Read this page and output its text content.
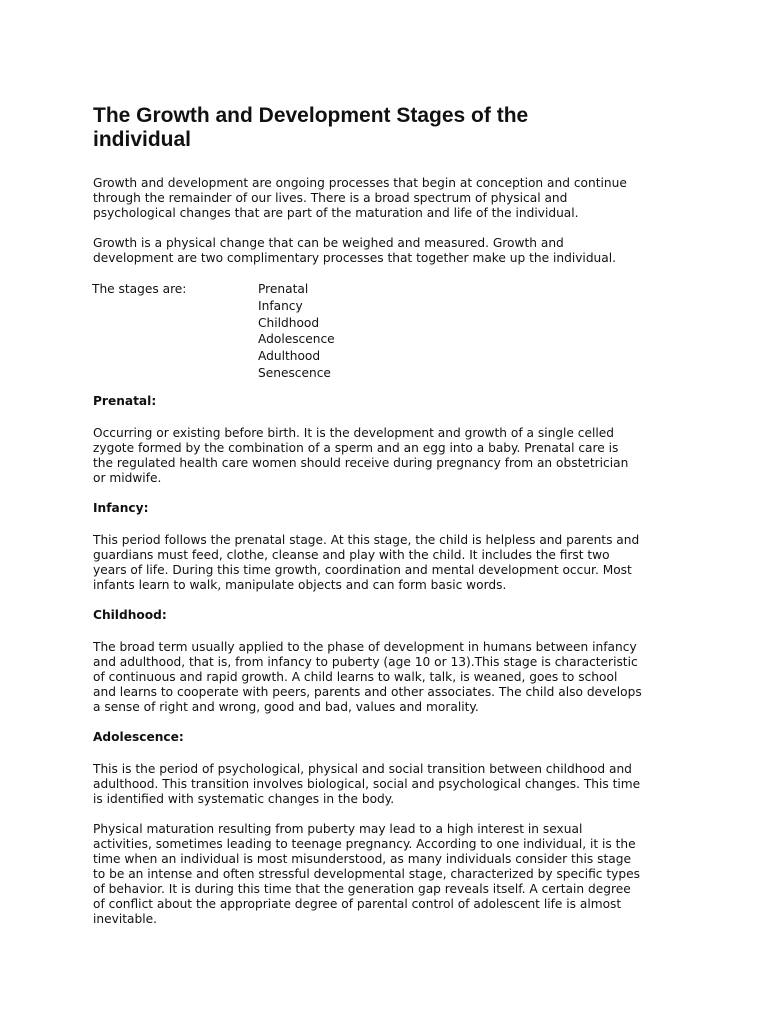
The Growth and Development Stages of the
individual

Growth and development are ongoing processes that begin at conception and continue
through the remainder of our lives. There is a broad spectrum of physical and
psychological changes that are part of the maturation and life of the individual.

Growth is a physical change that can be weighed and measured. Growth and
development are two complimentary processes that together make up the individual.

The stages are:	Prenatal
Infancy
Childhood
Adolescence
Adulthood
Senescence
Prenatal:

Occurring or existing before birth. It is the development and growth of a single celled
zygote formed by the combination of a sperm and an egg into a baby. Prenatal care is
the regulated health care women should receive during pregnancy from an obstetrician
or midwife.

Infancy:

This period follows the prenatal stage. At this stage, the child is helpless and parents and
guardians must feed, clothe, cleanse and play with the child. It includes the first two
years of life. During this time growth, coordination and mental development occur. Most
infants learn to walk, manipulate objects and can form basic words.

Childhood:

The broad term usually applied to the phase of development in humans between infancy
and adulthood, that is, from infancy to puberty (age 10 or 13).This stage is characteristic
of continuous and rapid growth. A child learns to walk, talk, is weaned, goes to school
and learns to cooperate with peers, parents and other associates. The child also develops
a sense of right and wrong, good and bad, values and morality.

Adolescence:

This is the period of psychological, physical and social transition between childhood and
adulthood. This transition involves biological, social and psychological changes. This time
is identified with systematic changes in the body.

Physical maturation resulting from puberty may lead to a high interest in sexual
activities, sometimes leading to teenage pregnancy. According to one individual, it is the
time when an individual is most misunderstood, as many individuals consider this stage
to be an intense and often stressful developmental stage, characterized by specific types
of behavior. It is during this time that the generation gap reveals itself. A certain degree
of conflict about the appropriate degree of parental control of adolescent life is almost
inevitable.
